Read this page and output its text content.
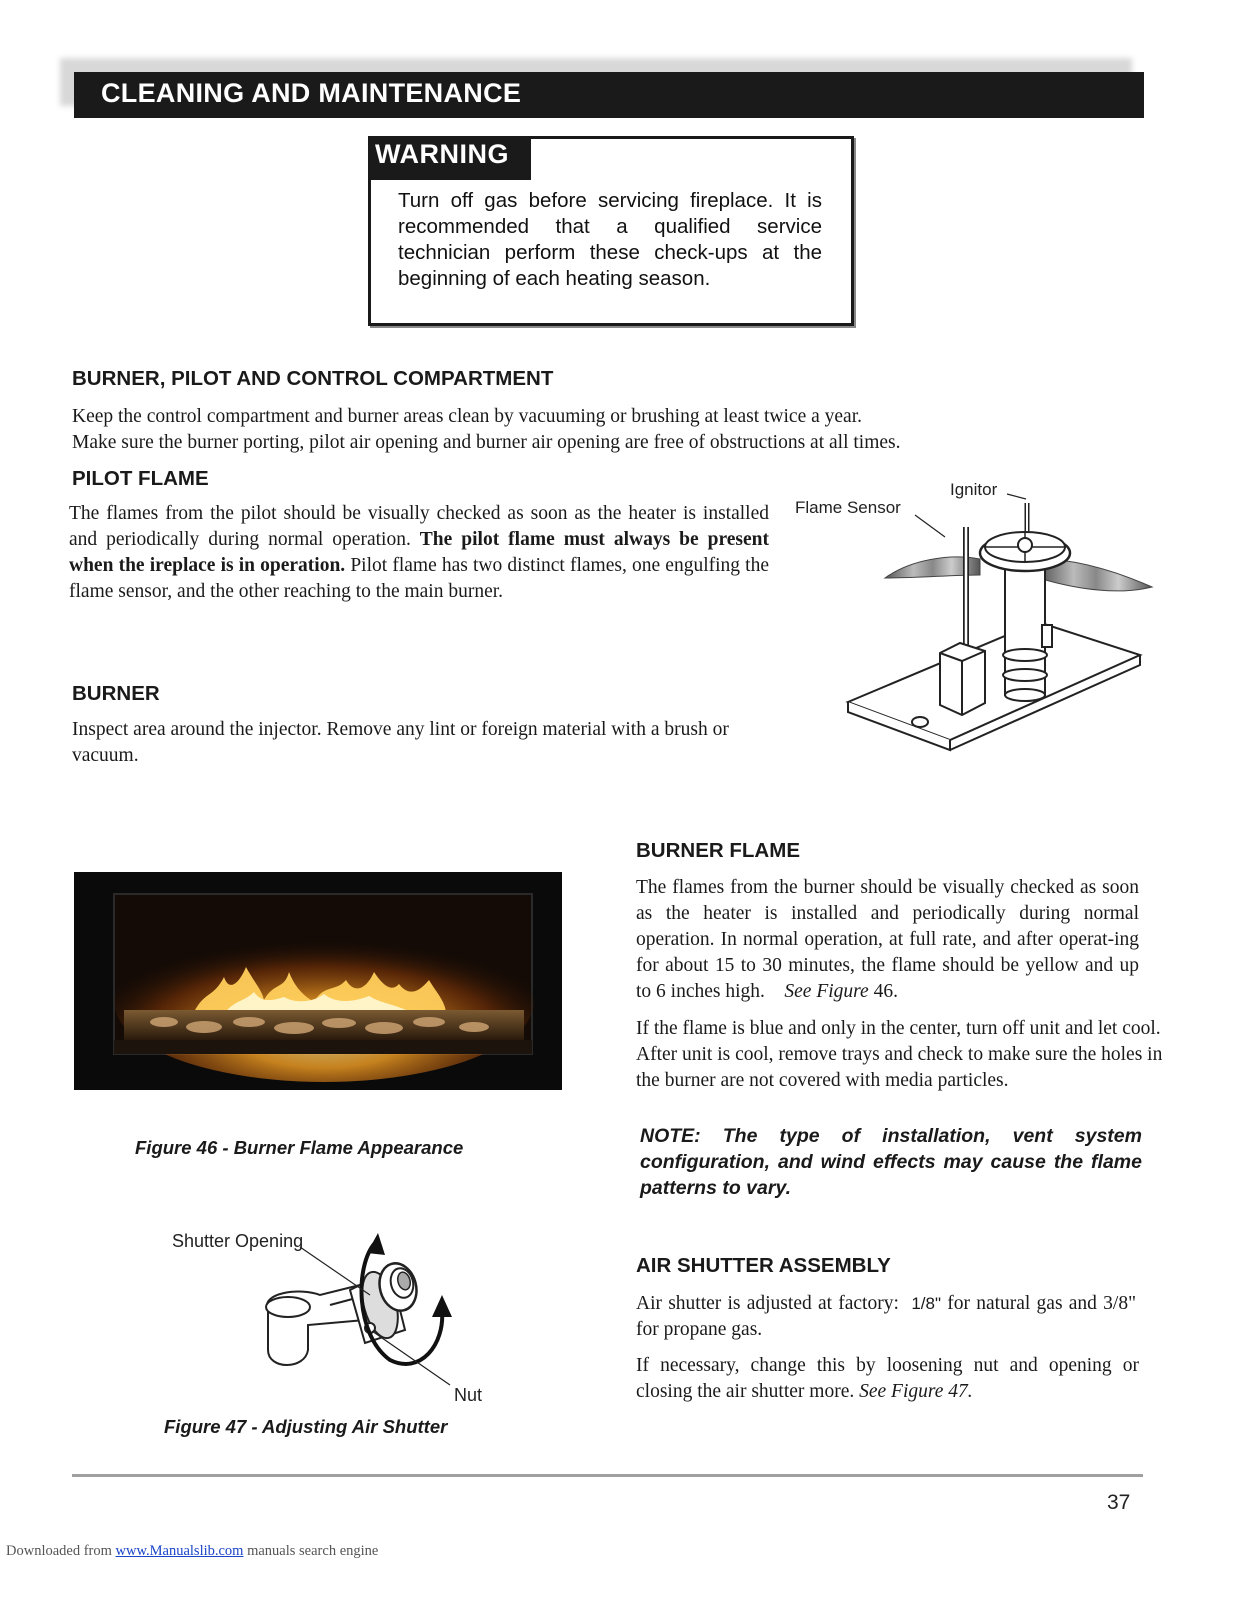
CLEANING AND MAINTENANCE
WARNING
Turn off gas before servicing fireplace. It is recommended that a qualified service technician perform these check-ups at the beginning of each heating season.
BURNER, PILOT AND CONTROL COMPARTMENT
Keep the control compartment and burner areas clean by vacuuming or brushing at least twice a year.
Make sure the burner porting, pilot air opening and burner air opening are free of obstructions at all times.
PILOT FLAME
The flames from the pilot should be visually checked as soon as the heater is installed and periodically during normal operation. The pilot flame must always be present when the ireplace is in operation. Pilot flame has two distinct flames, one engulfing the flame sensor, and the other reaching to the main burner.
Ignitor
Flame Sensor
BURNER
Inspect area around the injector. Remove any lint or foreign material with a brush or vacuum.
Figure 46 - Burner Flame Appearance
BURNER FLAME
The flames from the burner should be visually checked as soon as the heater is installed and periodically during normal operation. In normal operation, at full rate, and after operat-ing for about 15 to 30 minutes, the flame should be yellow and up to 6 inches high. See Figure 46.
If the flame is blue and only in the center, turn off unit and let cool. After unit is cool, remove trays and check to make sure the holes in the burner are not covered with media particles.
NOTE: The type of installation, vent system configuration, and wind effects may cause the flame patterns to vary.
Shutter Opening
Nut
Figure 47 - Adjusting Air Shutter
AIR SHUTTER ASSEMBLY
Air shutter is adjusted at factory: 1/8" for natural gas and 3/8" for propane gas.
If necessary, change this by loosening nut and opening or closing the air shutter more. See Figure 47.
37
Downloaded from www.Manualslib.com manuals search engine
